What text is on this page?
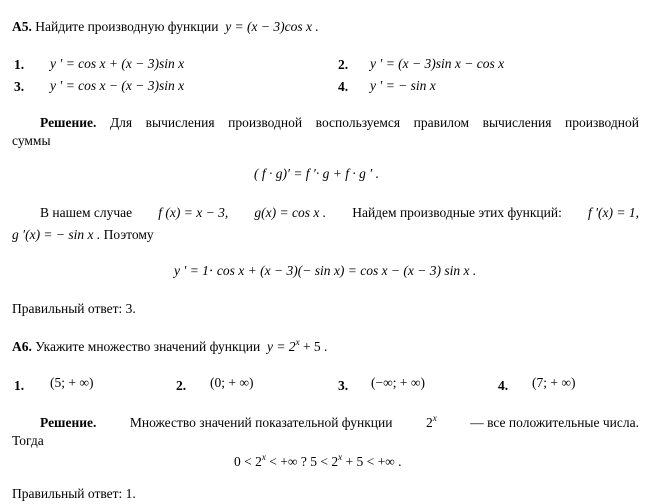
А5. Найдите производную функции y = (x − 3)cos x .
1. y ′ = cos x + (x − 3)sin x	2. y ′ = (x − 3)sin x − cos x
3. y ′ = cos x − (x − 3)sin x	4. y ′ = − sin x
Решение. Для вычисления производной воспользуемся правилом вычисления производной
суммы
( f · g)′ = f ′· g + f · g ′ .
В нашем случае f (x) = x − 3, g(x) = cos x . Найдем производные этих функций: f ′(x) = 1,
g ′(x) = − sin x . Поэтому
y ′ = 1⋅ cos x + (x − 3)(− sin x) = cos x − (x − 3) sin x .
Правильный ответ: 3.
А6. Укажите множество значений функции $y = 2^x + 5$ .
1. (5; + ∞)	2. (0; + ∞)	3. (−∞; + ∞)	4. (7; + ∞)
Решение. Множество значений показательной функции 2$^x$ — все положительные числа.
Тогда
$0 < 2^x$ < +∞ ? $5 < 2^x + 5$ < +∞ .
Правильный ответ: 1.
